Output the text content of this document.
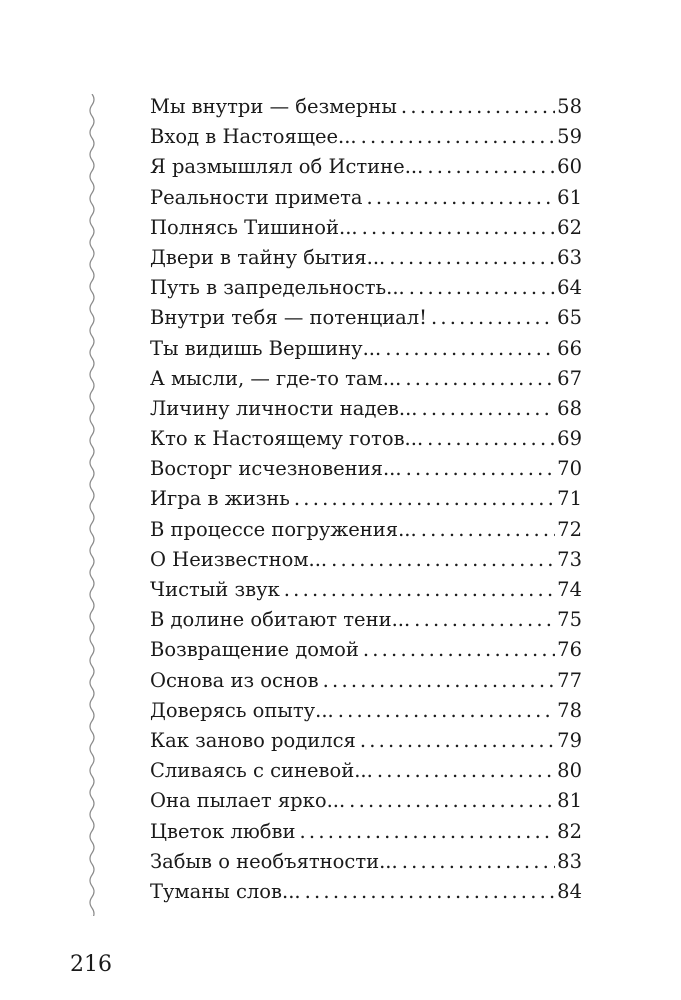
Мы внутри — безмерны .....	58
Вход в Настоящее... .....	59
Я размышлял об Истине... .....	60
Реальности примета .....	61
Полнясь Тишиной... .....	62
Двери в тайну бытия... .....	63
Путь в запредельность... .....	64
Внутри тебя — потенциал! .....	65
Ты видишь Вершину... .....	66
А мысли, — где-то там... .....	67
Личину личности надев... .....	68
Кто к Настоящему готов... .....	69
Восторг исчезновения... .....	70
Игра в жизнь .....	71
В процессе погружения... .....	72
О Неизвестном... .....	73
Чистый звук .....	74
В долине обитают тени... .....	75
Возвращение домой .....	76
Основа из основ .....	77
Доверясь опыту... .....	78
Как заново родился .....	79
Сливаясь с синевой... .....	80
Она пылает ярко... .....	81
Цветок любви .....	82
Забыв о необъятности... .....	83
Туманы слов... .....	84
216
